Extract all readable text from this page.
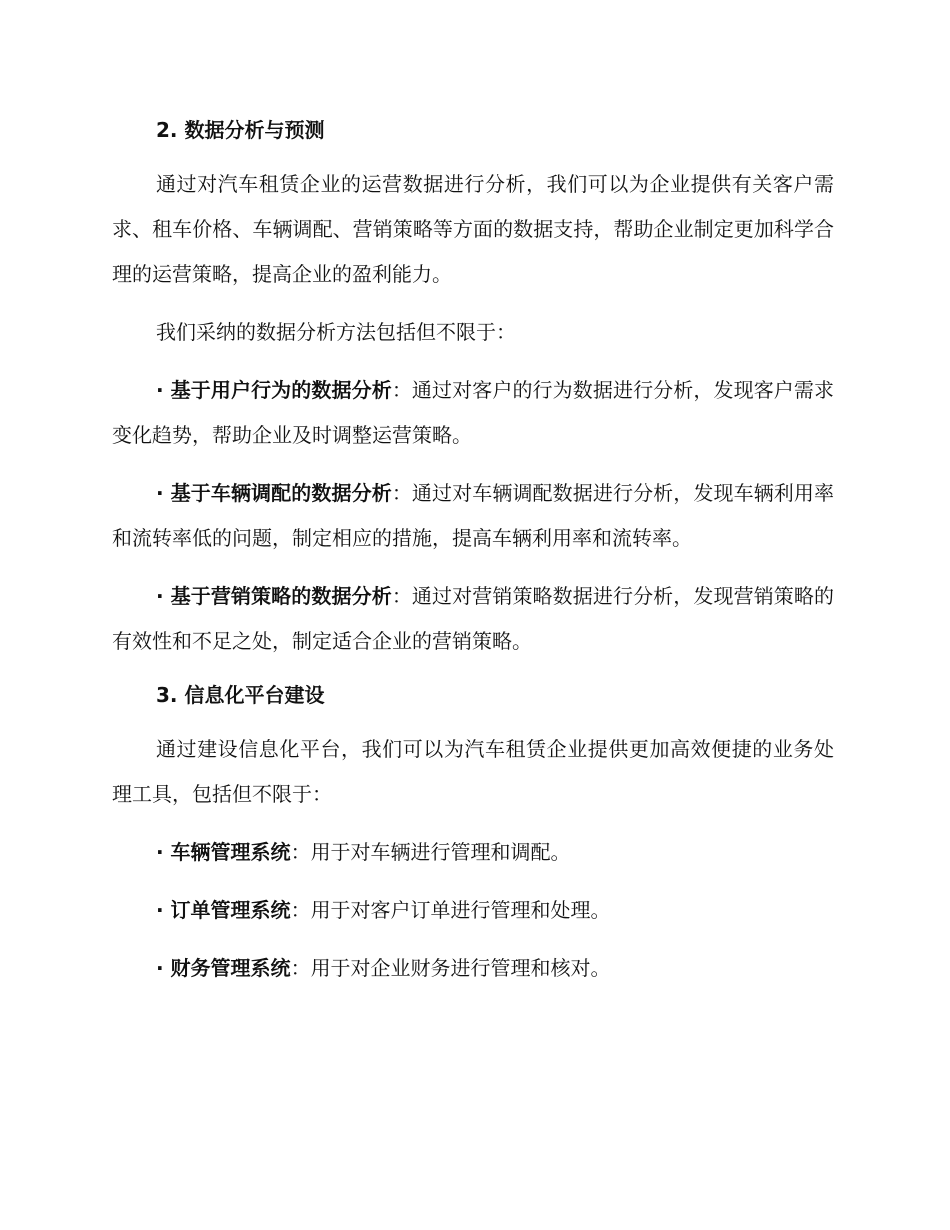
2. 数据分析与预测

通过对汽车租赁企业的运营数据进行分析，我们可以为企业提供有关客户需求、租车价格、车辆调配、营销策略等方面的数据支持，帮助企业制定更加科学合理的运营策略，提高企业的盈利能力。

我们采纳的数据分析方法包括但不限于：

· 基于用户行为的数据分析：通过对客户的行为数据进行分析，发现客户需求变化趋势，帮助企业及时调整运营策略。

· 基于车辆调配的数据分析：通过对车辆调配数据进行分析，发现车辆利用率和流转率低的问题，制定相应的措施，提高车辆利用率和流转率。

· 基于营销策略的数据分析：通过对营销策略数据进行分析，发现营销策略的有效性和不足之处，制定适合企业的营销策略。

3. 信息化平台建设

通过建设信息化平台，我们可以为汽车租赁企业提供更加高效便捷的业务处理工具，包括但不限于：

· 车辆管理系统：用于对车辆进行管理和调配。

· 订单管理系统：用于对客户订单进行管理和处理。

· 财务管理系统：用于对企业财务进行管理和核对。
